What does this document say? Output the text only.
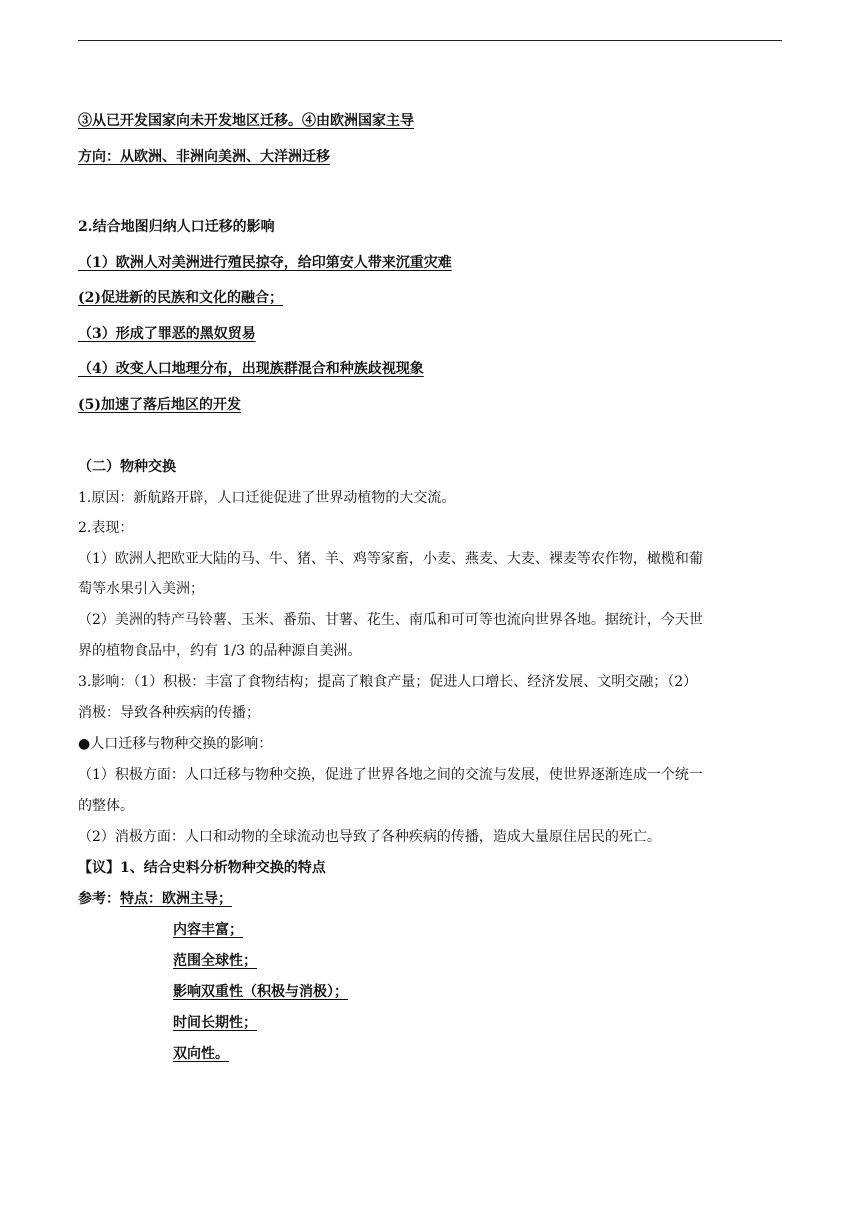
③从已开发国家向未开发地区迁移。④由欧洲国家主导
方向：从欧洲、非洲向美洲、大洋洲迁移
2.结合地图归纳人口迁移的影响
（1）欧洲人对美洲进行殖民掠夺，给印第安人带来沉重灾难
(2)促进新的民族和文化的融合；
（3）形成了罪恶的黑奴贸易
（4）改变人口地理分布，出现族群混合和种族歧视现象
(5)加速了落后地区的开发
（二）物种交换
1.原因：新航路开辟，人口迁徙促进了世界动植物的大交流。
2.表现：
（1）欧洲人把欧亚大陆的马、牛、猪、羊、鸡等家畜，小麦、燕麦、大麦、裸麦等农作物，橄榄和葡
萄等水果引入美洲；
（2）美洲的特产马铃薯、玉米、番茄、甘薯、花生、南瓜和可可等也流向世界各地。据统计，今天世
界的植物食品中，约有 1/3 的品种源自美洲。
3.影响：（1）积极：丰富了食物结构；提高了粮食产量；促进人口增长、经济发展、文明交融；（2）
消极：导致各种疾病的传播；
●人口迁移与物种交换的影响：
（1）积极方面：人口迁移与物种交换，促进了世界各地之间的交流与发展，使世界逐渐连成一个统一
的整体。
（2）消极方面：人口和动物的全球流动也导致了各种疾病的传播，造成大量原住居民的死亡。
【议】1、结合史料分析物种交换的特点
参考：特点：欧洲主导；
内容丰富；
范围全球性；
影响双重性（积极与消极）；
时间长期性；
双向性。
